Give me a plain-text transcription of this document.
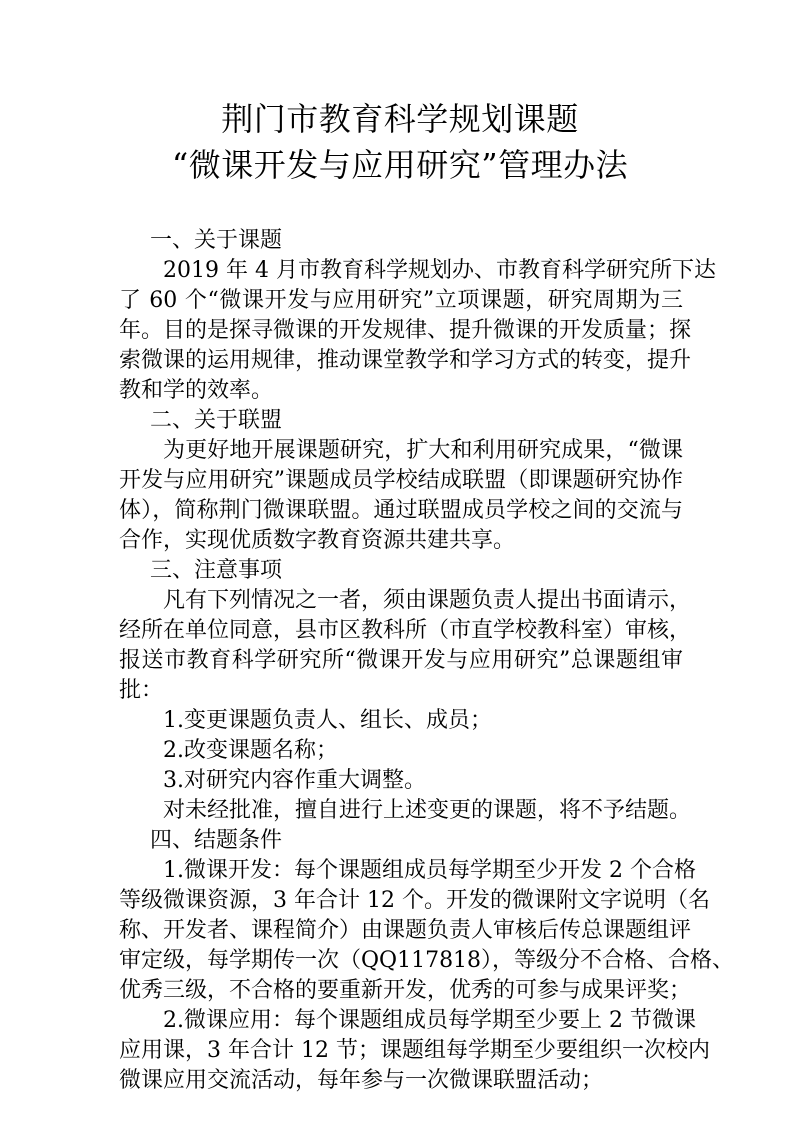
荆门市教育科学规划课题
“微课开发与应用研究”管理办法
一、关于课题
2019 年 4 月市教育科学规划办、市教育科学研究所下达
了 60 个“微课开发与应用研究”立项课题，研究周期为三
年。目的是探寻微课的开发规律、提升微课的开发质量；探
索微课的运用规律，推动课堂教学和学习方式的转变，提升
教和学的效率。
二、关于联盟
为更好地开展课题研究，扩大和利用研究成果，“微课
开发与应用研究”课题成员学校结成联盟（即课题研究协作
体），简称荆门微课联盟。通过联盟成员学校之间的交流与
合作，实现优质数字教育资源共建共享。
三、注意事项
凡有下列情况之一者，须由课题负责人提出书面请示，
经所在单位同意，县市区教科所（市直学校教科室）审核，
报送市教育科学研究所“微课开发与应用研究”总课题组审
批：
1.变更课题负责人、组长、成员；
2.改变课题名称；
3.对研究内容作重大调整。
对未经批准，擅自进行上述变更的课题，将不予结题。
四、结题条件
1.微课开发：每个课题组成员每学期至少开发 2 个合格
等级微课资源，3 年合计 12 个。开发的微课附文字说明（名
称、开发者、课程简介）由课题负责人审核后传总课题组评
审定级，每学期传一次（QQ117818），等级分不合格、合格、
优秀三级，不合格的要重新开发，优秀的可参与成果评奖；
2.微课应用：每个课题组成员每学期至少要上 2 节微课
应用课，3 年合计 12 节；课题组每学期至少要组织一次校内
微课应用交流活动，每年参与一次微课联盟活动；
